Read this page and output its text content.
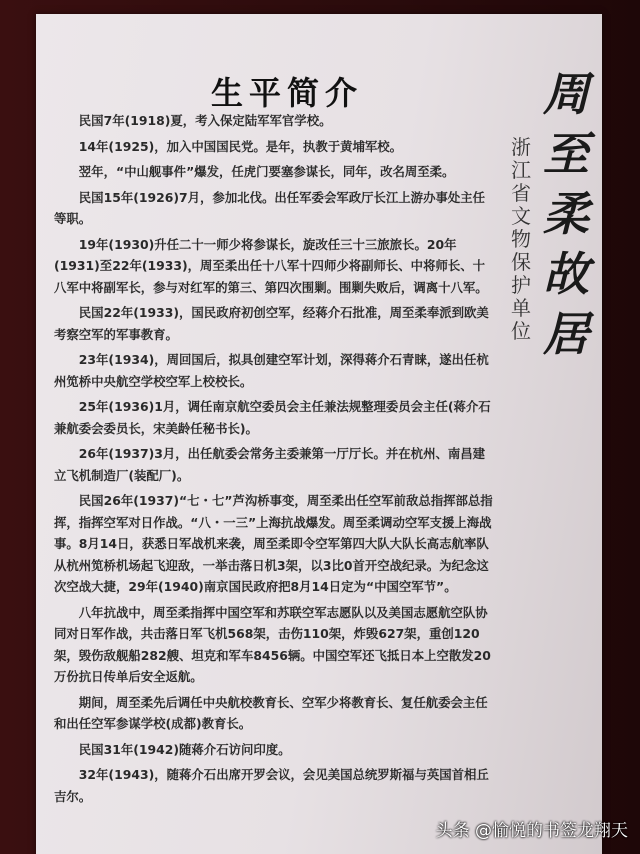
生平简介	周
至
柔
故
居
浙
江
省
文
物
保
护
单
位

民国7年(1918)夏，考入保定陆军军官学校。

14年(1925)，加入中国国民党。是年，执教于黄埔军校。

翌年，“中山舰事件”爆发，任虎门要塞参谋长，同年，改名周至柔。

民国15年(1926)7月，参加北伐。出任军委会军政厅长江上游办事处主任等职。

19年(1930)升任二十一师少将参谋长，旋改任三十三旅旅长。20年(1931)至22年(1933)，周至柔出任十八军十四师少将副师长、中将师长、十八军中将副军长，参与对红军的第三、第四次围剿。围剿失败后，调离十八军。

民国22年(1933)，国民政府初创空军，经蒋介石批准，周至柔奉派到欧美考察空军的军事教育。

23年(1934)，周回国后，拟具创建空军计划，深得蒋介石青睐，遂出任杭州笕桥中央航空学校空军上校校长。

25年(1936)1月，调任南京航空委员会主任兼法规整理委员会主任(蒋介石兼航委会委员长，宋美龄任秘书长)。

26年(1937)3月，出任航委会常务主委兼第一厅厅长。并在杭州、南昌建立飞机制造厂(装配厂)。

民国26年(1937)“七・七”芦沟桥事变，周至柔出任空军前敌总指挥部总指挥，指挥空军对日作战。“八・一三”上海抗战爆发。周至柔调动空军支援上海战事。8月14日，获悉日军战机来袭，周至柔即令空军第四大队大队长高志航率队从杭州笕桥机场起飞迎敌，一举击落日机3架，以3比0首开空战纪录。为纪念这次空战大捷，29年(1940)南京国民政府把8月14日定为“中国空军节”。

八年抗战中，周至柔指挥中国空军和苏联空军志愿队以及美国志愿航空队协同对日军作战，共击落日军飞机568架，击伤110架，炸毁627架，重创120架，毁伤敌舰船282艘、坦克和军车8456辆。中国空军还飞抵日本上空散发20万份抗日传单后安全返航。

期间，周至柔先后调任中央航校教育长、空军少将教育长、复任航委会主任和出任空军参谋学校(成都)教育长。

民国31年(1942)随蒋介石访问印度。

32年(1943)，随蒋介石出席开罗会议，会见美国总统罗斯福与英国首相丘吉尔。

头条 @愉悦的书签龙翔天
